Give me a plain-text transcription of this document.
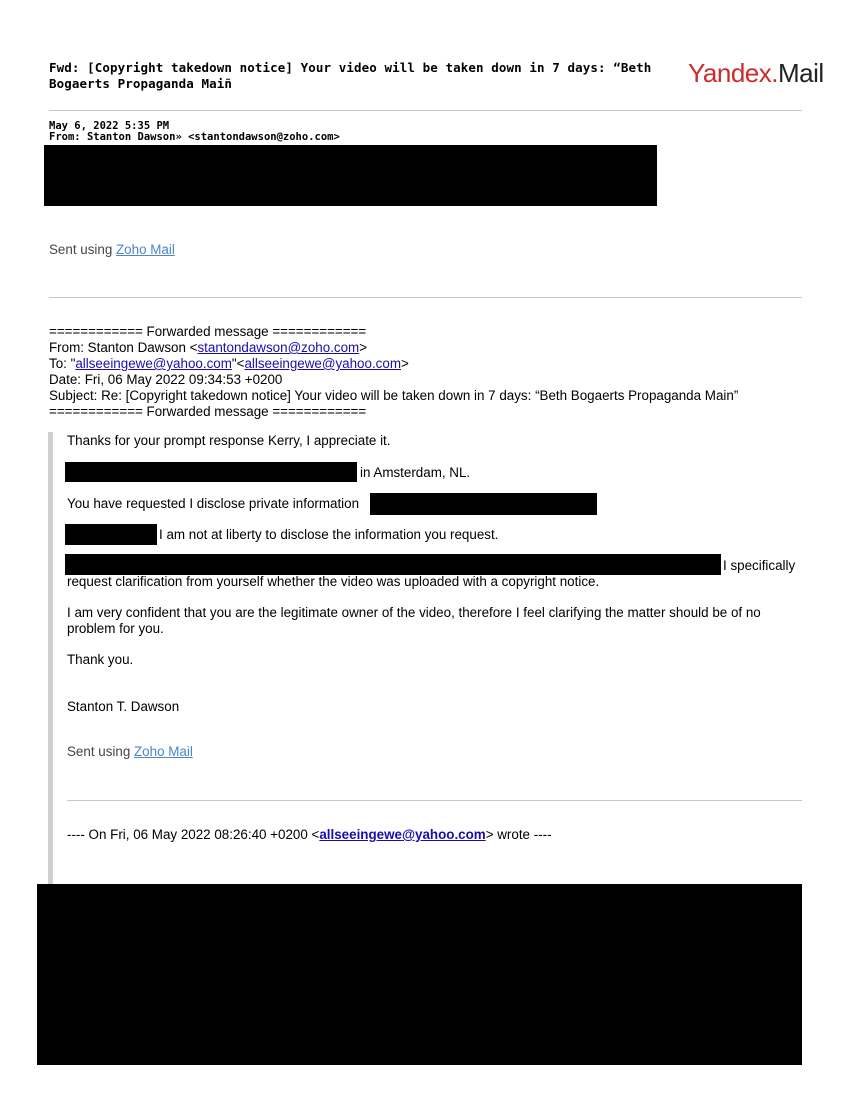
Fwd: [Copyright takedown notice] Your video will be taken down in 7 days: “Beth Bogaerts Propaganda Maiñ	Yandex.Mail
May 6, 2022 5:35 PM
From: Stanton Dawson» <stantondawson@zoho.com>
Sent using Zoho Mail
============ Forwarded message ============
From: Stanton Dawson <stantondawson@zoho.com>
To: "allseeingewe@yahoo.com"<allseeingewe@yahoo.com>
Date: Fri, 06 May 2022 09:34:53 +0200
Subject: Re: [Copyright takedown notice] Your video will be taken down in 7 days: “Beth Bogaerts Propaganda Main”
============ Forwarded message ============
Thanks for your prompt response Kerry, I appreciate it.
in Amsterdam, NL.
You have requested I disclose private information
I am not at liberty to disclose the information you request.
I specifically
request clarification from yourself whether the video was uploaded with a copyright notice.
I am very confident that you are the legitimate owner of the video, therefore I feel clarifying the matter should be of no problem for you.
Thank you.
Stanton T. Dawson
Sent using Zoho Mail
---- On Fri, 06 May 2022 08:26:40 +0200 <allseeingewe@yahoo.com> wrote ----
